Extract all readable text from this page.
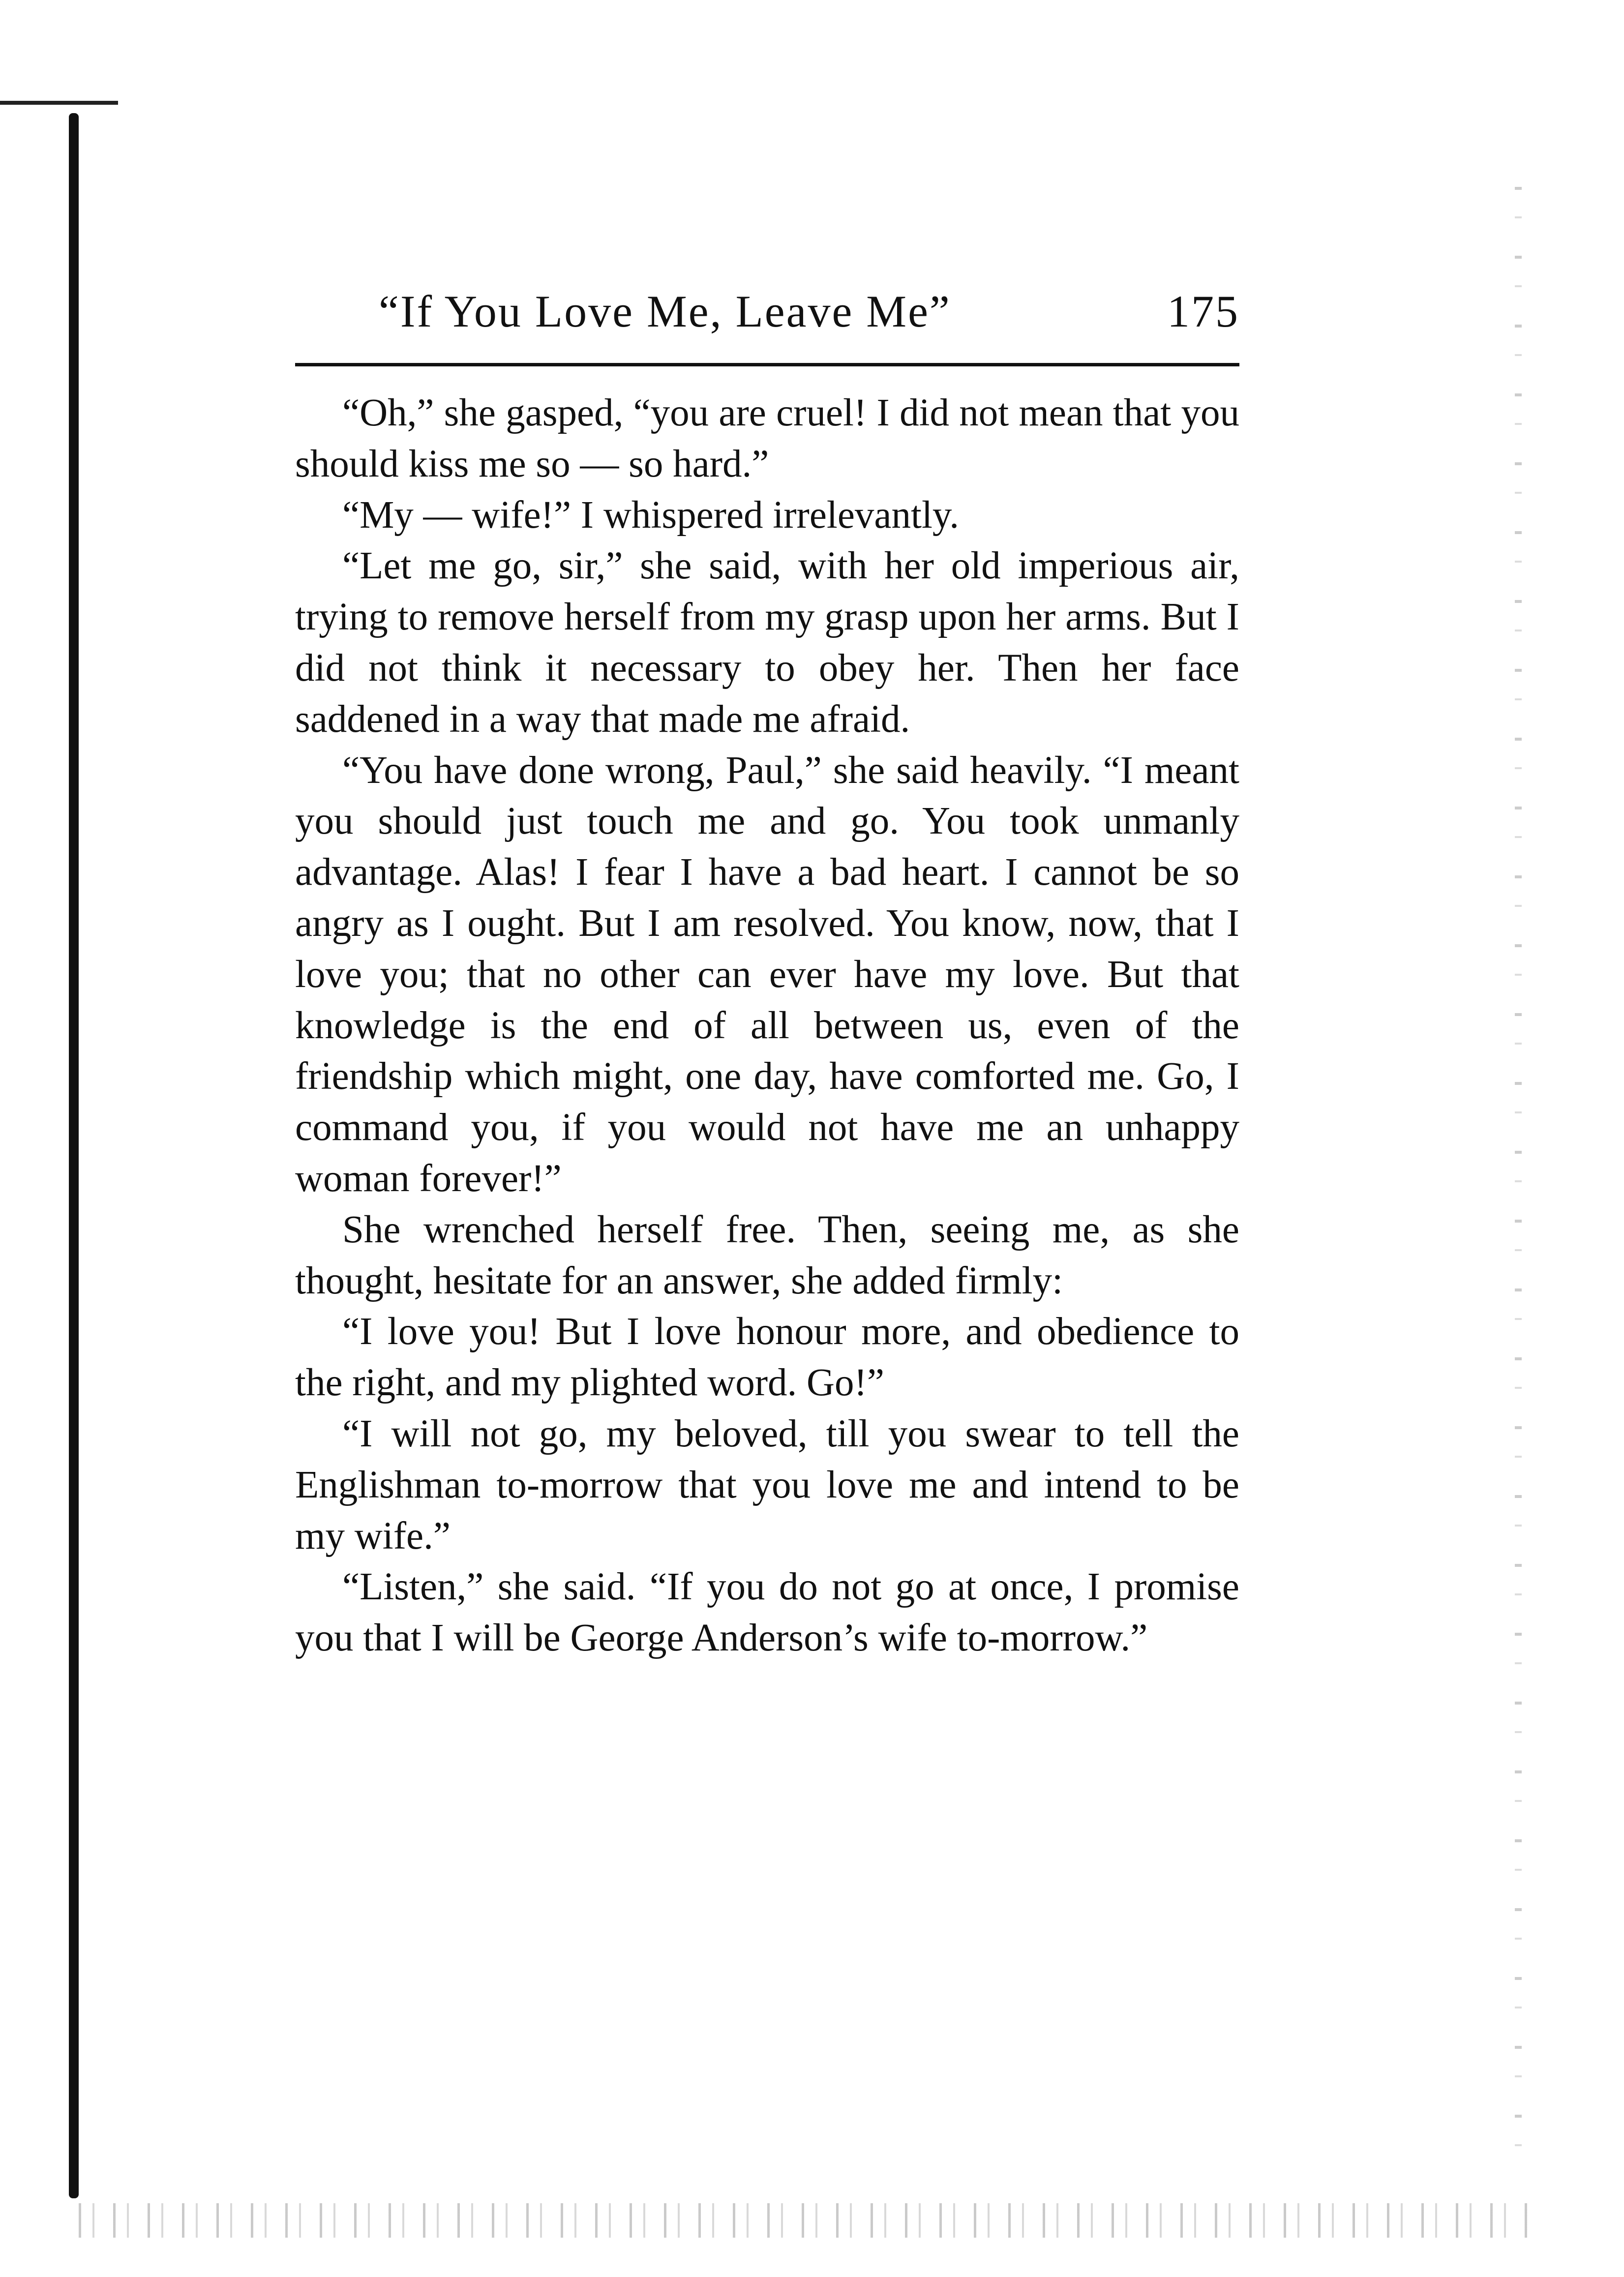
“If You Love Me, Leave Me”	175

“Oh,” she gasped, “you are cruel! I did not mean that you should kiss me so — so hard.”

“My — wife!” I whispered irrelevantly.

“Let me go, sir,” she said, with her old imperious air, trying to remove herself from my grasp upon her arms. But I did not think it necessary to obey her. Then her face saddened in a way that made me afraid.

“You have done wrong, Paul,” she said heavily. “I meant you should just touch me and go. You took unmanly advantage. Alas! I fear I have a bad heart. I cannot be so angry as I ought. But I am resolved. You know, now, that I love you; that no other can ever have my love. But that knowledge is the end of all between us, even of the friendship which might, one day, have comforted me. Go, I command you, if you would not have me an unhappy woman forever!”

She wrenched herself free. Then, seeing me, as she thought, hesitate for an answer, she added firmly:

“I love you! But I love honour more, and obedience to the right, and my plighted word. Go!”

“I will not go, my beloved, till you swear to tell the Englishman to-morrow that you love me and intend to be my wife.”

“Listen,” she said. “If you do not go at once, I promise you that I will be George Anderson’s wife to-morrow.”
